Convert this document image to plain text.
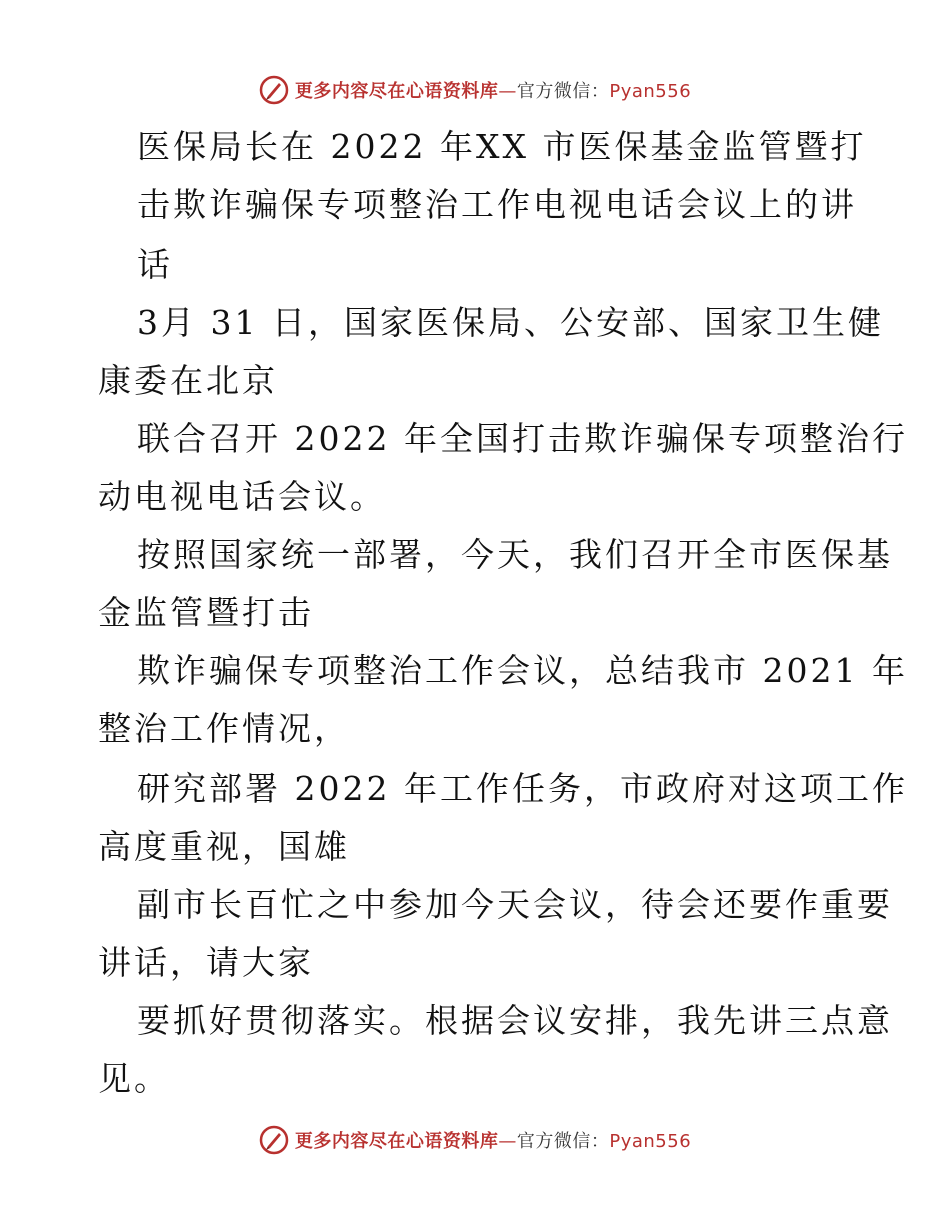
更多内容尽在心语资料库—官方微信：Pyan556
医保局长在 2022 年XX 市医保基金监管暨打
击欺诈骗保专项整治工作电视电话会议上的讲
话
3月 31 日，国家医保局、公安部、国家卫生健
康委在北京
联合召开 2022 年全国打击欺诈骗保专项整治行
动电视电话会议。
按照国家统一部署，今天，我们召开全市医保基
金监管暨打击
欺诈骗保专项整治工作会议，总结我市 2021 年
整治工作情况，
研究部署 2022 年工作任务，市政府对这项工作
高度重视，国雄
副市长百忙之中参加今天会议，待会还要作重要
讲话，请大家
要抓好贯彻落实。根据会议安排，我先讲三点意
见。
更多内容尽在心语资料库—官方微信：Pyan556
